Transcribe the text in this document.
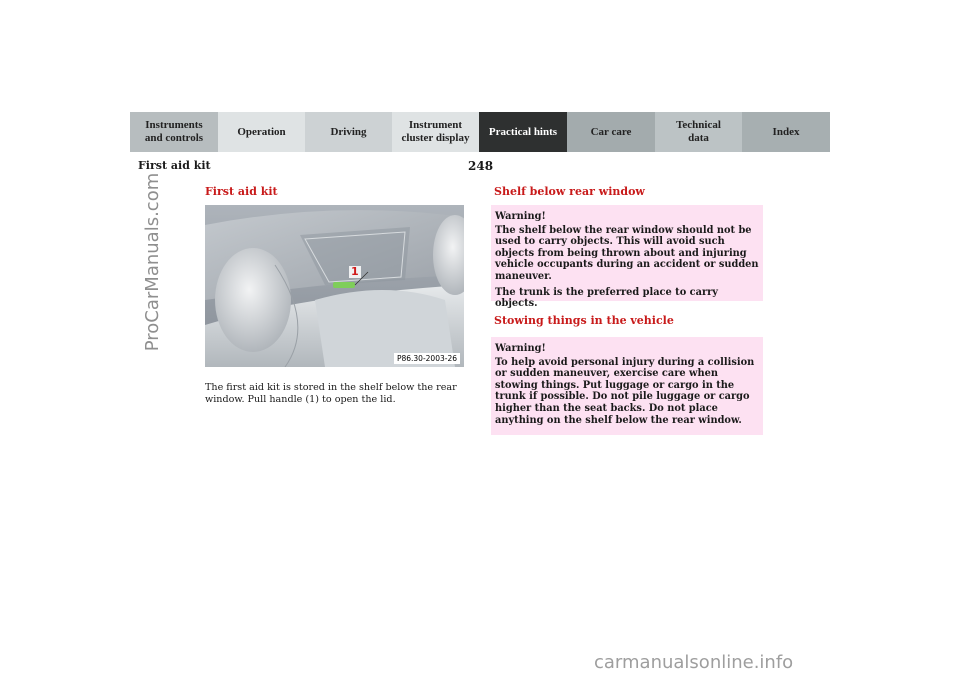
Instruments
and controls
Operation	Driving
Instrument
cluster display
Practical hints	Car care
Technical
data
Index
First aid kit	248
First aid kit
1
P86.30-2003-26
The first aid kit is stored in the shelf below the rear window. Pull handle (1) to open the lid.
Shelf below rear window
Warning!

The shelf below the rear window should not be used to carry objects. This will avoid such objects from being thrown about and injuring vehicle occupants during an accident or sudden maneuver.

The trunk is the preferred place to carry objects.

Stowing things in the vehicle
Warning!

To help avoid personal injury during a collision or sudden maneuver, exercise care when stowing things. Put luggage or cargo in the trunk if possible. Do not pile luggage or cargo higher than the seat backs. Do not place anything on the shelf below the rear window.

ProCarManuals.com
carmanualsonline.info
